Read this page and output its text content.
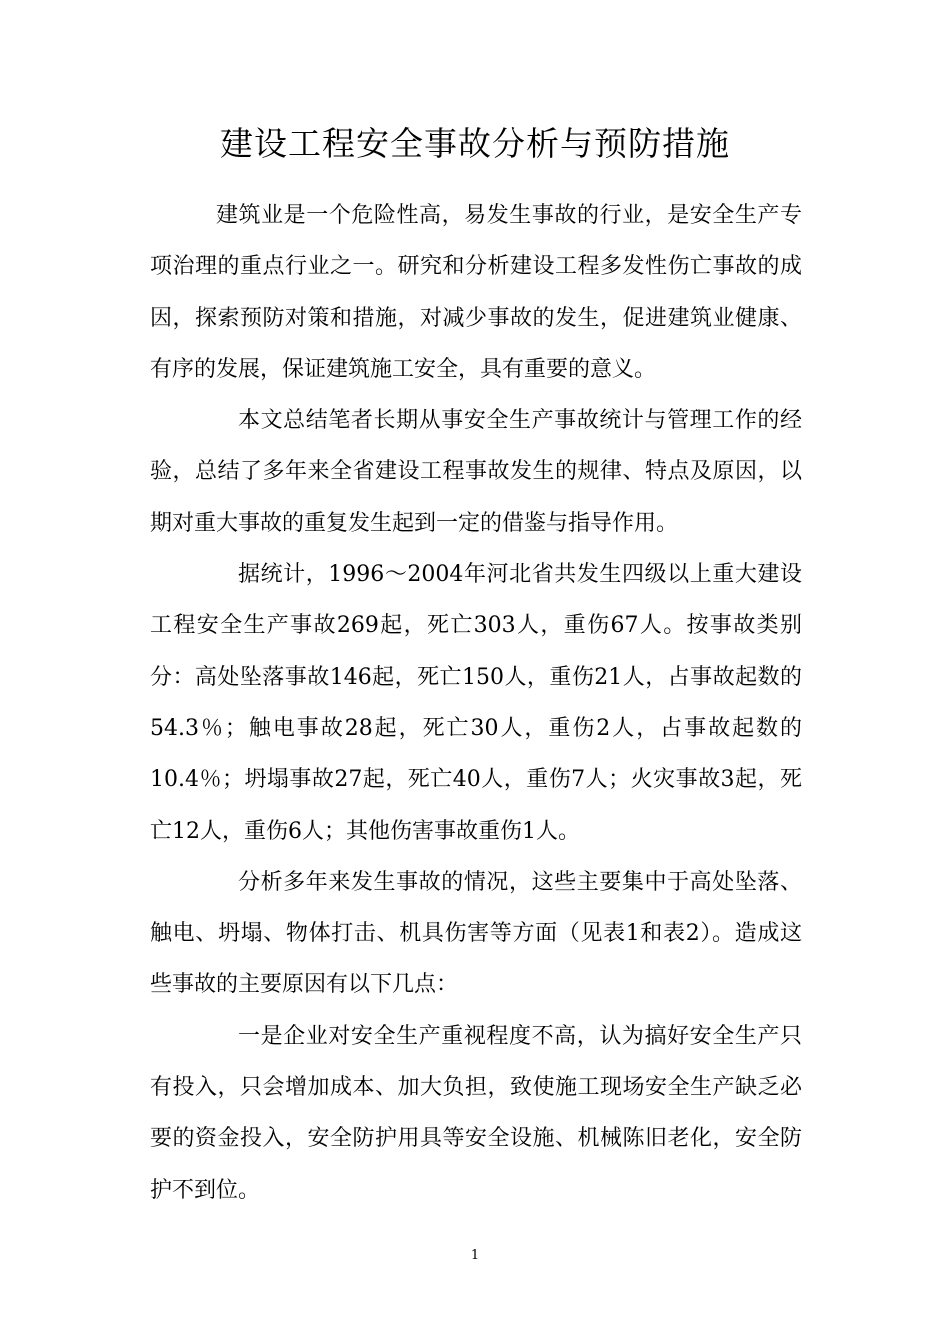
建设工程安全事故分析与预防措施

建筑业是一个危险性高，易发生事故的行业，是安全生产专项治理的重点行业之一。研究和分析建设工程多发性伤亡事故的成因，探索预防对策和措施，对减少事故的发生，促进建筑业健康、有序的发展，保证建筑施工安全，具有重要的意义。

本文总结笔者长期从事安全生产事故统计与管理工作的经验，总结了多年来全省建设工程事故发生的规律、特点及原因，以期对重大事故的重复发生起到一定的借鉴与指导作用。

据统计，1996～2004年河北省共发生四级以上重大建设工程安全生产事故269起，死亡303人，重伤67人。按事故类别分：高处坠落事故146起，死亡150人，重伤21人，占事故起数的54.3％；触电事故28起，死亡30人，重伤2人，占事故起数的10.4％；坍塌事故27起，死亡40人，重伤7人；火灾事故3起，死亡12人，重伤6人；其他伤害事故重伤1人。

分析多年来发生事故的情况，这些主要集中于高处坠落、触电、坍塌、物体打击、机具伤害等方面（见表1和表2）。造成这些事故的主要原因有以下几点：

一是企业对安全生产重视程度不高，认为搞好安全生产只有投入，只会增加成本、加大负担，致使施工现场安全生产缺乏必要的资金投入，安全防护用具等安全设施、机械陈旧老化，安全防护不到位。

1
